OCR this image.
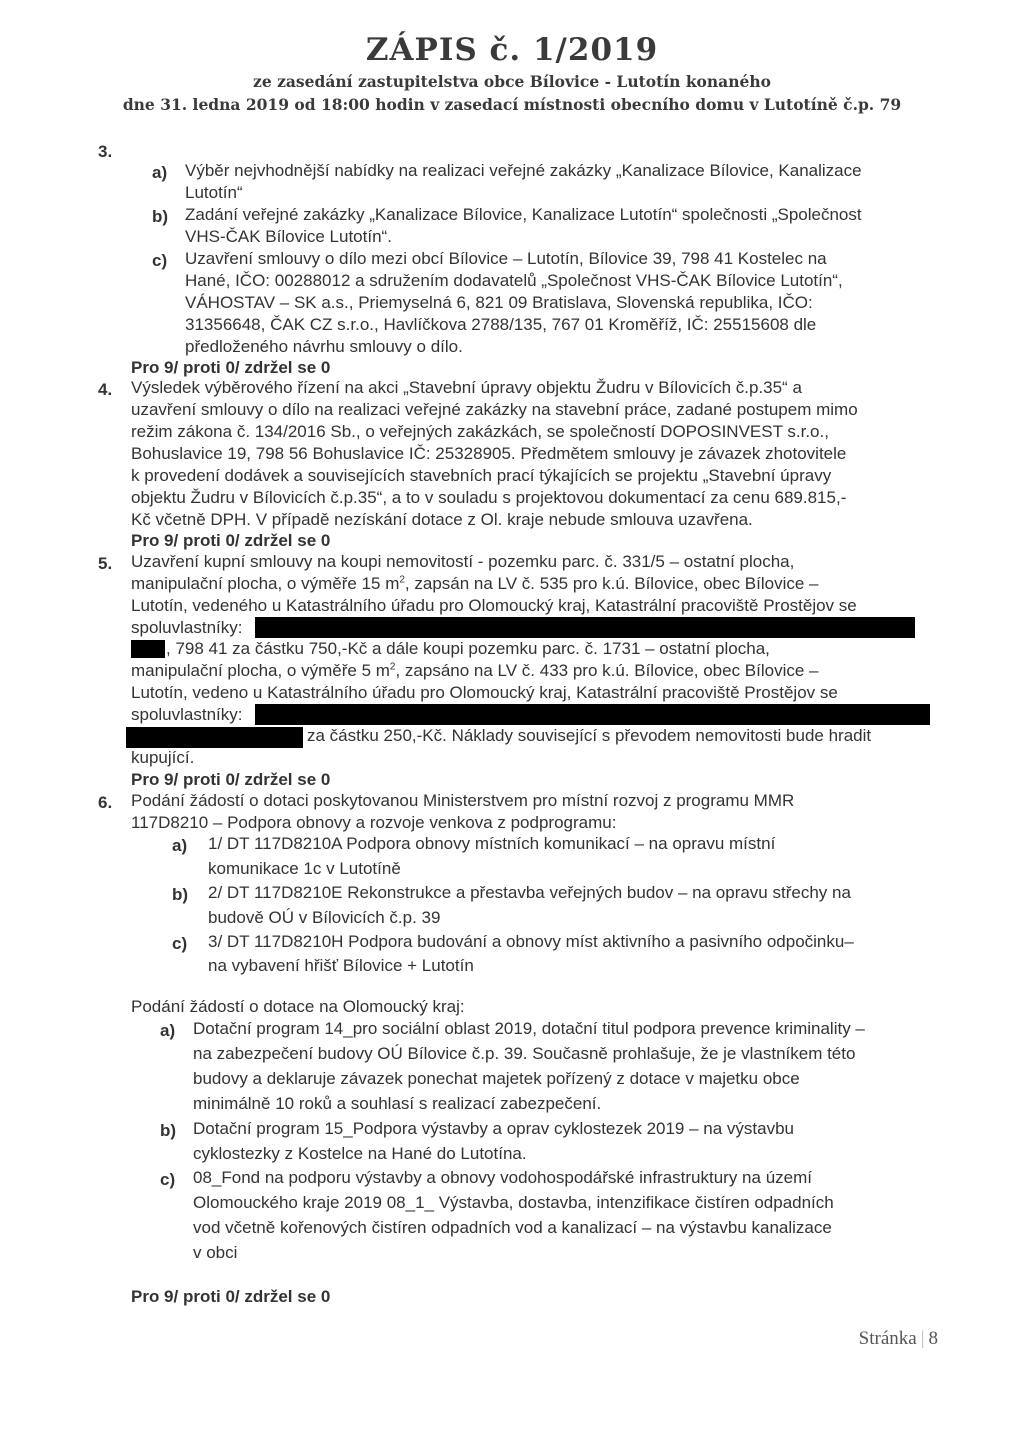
ZÁPIS č. 1/2019
ze zasedání zastupitelstva obce Bílovice - Lutotín konaného
dne 31. ledna 2019 od 18:00 hodin v zasedací místnosti obecního domu v Lutotíně č.p. 79
3.
a) Výběr nejvhodnější nabídky na realizaci veřejné zakázky „Kanalizace Bílovice, Kanalizace
Lutotín“
b) Zadání veřejné zakázky „Kanalizace Bílovice, Kanalizace Lutotín“ společnosti „Společnost
VHS-ČAK Bílovice Lutotín“.
c) Uzavření smlouvy o dílo mezi obcí Bílovice – Lutotín, Bílovice 39, 798 41 Kostelec na
Hané, IČO: 00288012 a sdružením dodavatelů „Společnost VHS-ČAK Bílovice Lutotín“,
VÁHOSTAV – SK a.s., Priemyselná 6, 821 09 Bratislava, Slovenská republika, IČO:
31356648, ČAK CZ s.r.o., Havlíčkova 2788/135, 767 01 Kroměříž, IČ: 25515608 dle
předloženého návrhu smlouvy o dílo.
Pro 9/ proti 0/ zdržel se 0
4. Výsledek výběrového řízení na akci „Stavební úpravy objektu Žudru v Bílovicích č.p.35“ a
uzavření smlouvy o dílo na realizaci veřejné zakázky na stavební práce, zadané postupem mimo
režim zákona č. 134/2016 Sb., o veřejných zakázkách, se společností DOPOSINVEST s.r.o.,
Bohuslavice 19, 798 56 Bohuslavice IČ: 25328905. Předmětem smlouvy je závazek zhotovitele
k provedení dodávek a souvisejících stavebních prací týkajících se projektu „Stavební úpravy
objektu Žudru v Bílovicích č.p.35“, a to v souladu s projektovou dokumentací za cenu 689.815,-
Kč včetně DPH. V případě nezískání dotace z Ol. kraje nebude smlouva uzavřena.
Pro 9/ proti 0/ zdržel se 0
5. Uzavření kupní smlouvy na koupi nemovitostí - pozemku parc. č. 331/5 – ostatní plocha,
manipulační plocha, o výměře 15 $m^2$, zapsán na LV č. 535 pro k.ú. Bílovice, obec Bílovice –
Lutotín, vedeného u Katastrálního úřadu pro Olomoucký kraj, Katastrální pracoviště Prostějov se
spoluvlastníky:
, 798 41 za částku 750,-Kč a dále koupi pozemku parc. č. 1731 – ostatní plocha,
manipulační plocha, o výměře 5 $m^2$, zapsáno na LV č. 433 pro k.ú. Bílovice, obec Bílovice –
Lutotín, vedeno u Katastrálního úřadu pro Olomoucký kraj, Katastrální pracoviště Prostějov se
spoluvlastníky:
za částku 250,-Kč. Náklady související s převodem nemovitosti bude hradit
kupující.
Pro 9/ proti 0/ zdržel se 0
6. Podání žádostí o dotaci poskytovanou Ministerstvem pro místní rozvoj z programu MMR
117D8210 – Podpora obnovy a rozvoje venkova z podprogramu:
a) 1/ DT 117D8210A Podpora obnovy místních komunikací – na opravu místní
komunikace 1c v Lutotíně
b) 2/ DT 117D8210E Rekonstrukce a přestavba veřejných budov – na opravu střechy na
budově OÚ v Bílovicích č.p. 39
c) 3/ DT 117D8210H Podpora budování a obnovy míst aktivního a pasivního odpočinku–
na vybavení hřišť Bílovice + Lutotín
Podání žádostí o dotace na Olomoucký kraj:
a) Dotační program 14_pro sociální oblast 2019, dotační titul podpora prevence kriminality –
na zabezpečení budovy OÚ Bílovice č.p. 39. Současně prohlašuje, že je vlastníkem této
budovy a deklaruje závazek ponechat majetek pořízený z dotace v majetku obce
minimálně 10 roků a souhlasí s realizací zabezpečení.
b) Dotační program 15_Podpora výstavby a oprav cyklostezek 2019 – na výstavbu
cyklostezky z Kostelce na Hané do Lutotína.
c) 08_Fond na podporu výstavby a obnovy vodohospodářské infrastruktury na území
Olomouckého kraje 2019 08_1_ Výstavba, dostavba, intenzifikace čistíren odpadních
vod včetně kořenových čistíren odpadních vod a kanalizací – na výstavbu kanalizace
v obci
Pro 9/ proti 0/ zdržel se 0
Stránka | 8
